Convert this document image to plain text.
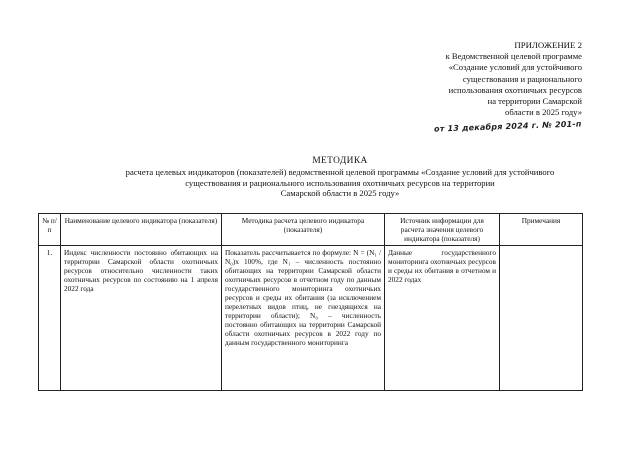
ПРИЛОЖЕНИЕ 2
к Ведомственной целевой программе
«Создание условий для устойчивого
существования и рационального
использования охотничьих ресурсов
на территории Самарской
области в 2025 году»
от 13 декабря 2024 г. № 201-п
МЕТОДИКА
расчета целевых индикаторов (показателей) ведомственной целевой программы «Создание условий для устойчивого
существования и рационального использования охотничьих ресурсов на территории
Самарской области в 2025 году»
№ п/п	Наименование целевого индикатора (показателя)	Методика расчета целевого индикатора (показателя)	Источник информации для расчета значения целевого индикатора (показателя)	Примечания
1.	Индекс численности постоянно обитающих на территории Самарской области охотничьих ресурсов относительно численности таких охотничьих ресурсов по состоянию на 1 апреля 2022 года	Показатель рассчитывается по формуле: N = (N₁ / N₀)x 100%, где N₁ – численность постоянно обитающих на территории Самарской области охотничьих ресурсов в отчетном году по данным государственного мониторинга охотничьих ресурсов и среды их обитания (за исключением перелетных видов птиц, не гнездящихся на территории области); N₀ – численность постоянно обитающих на территории Самарской области охотничьих ресурсов в 2022 году по данным государственного мониторинга	Данные государственного мониторинга охотничьих ресурсов и среды их обитания в отчетном и 2022 годах	
